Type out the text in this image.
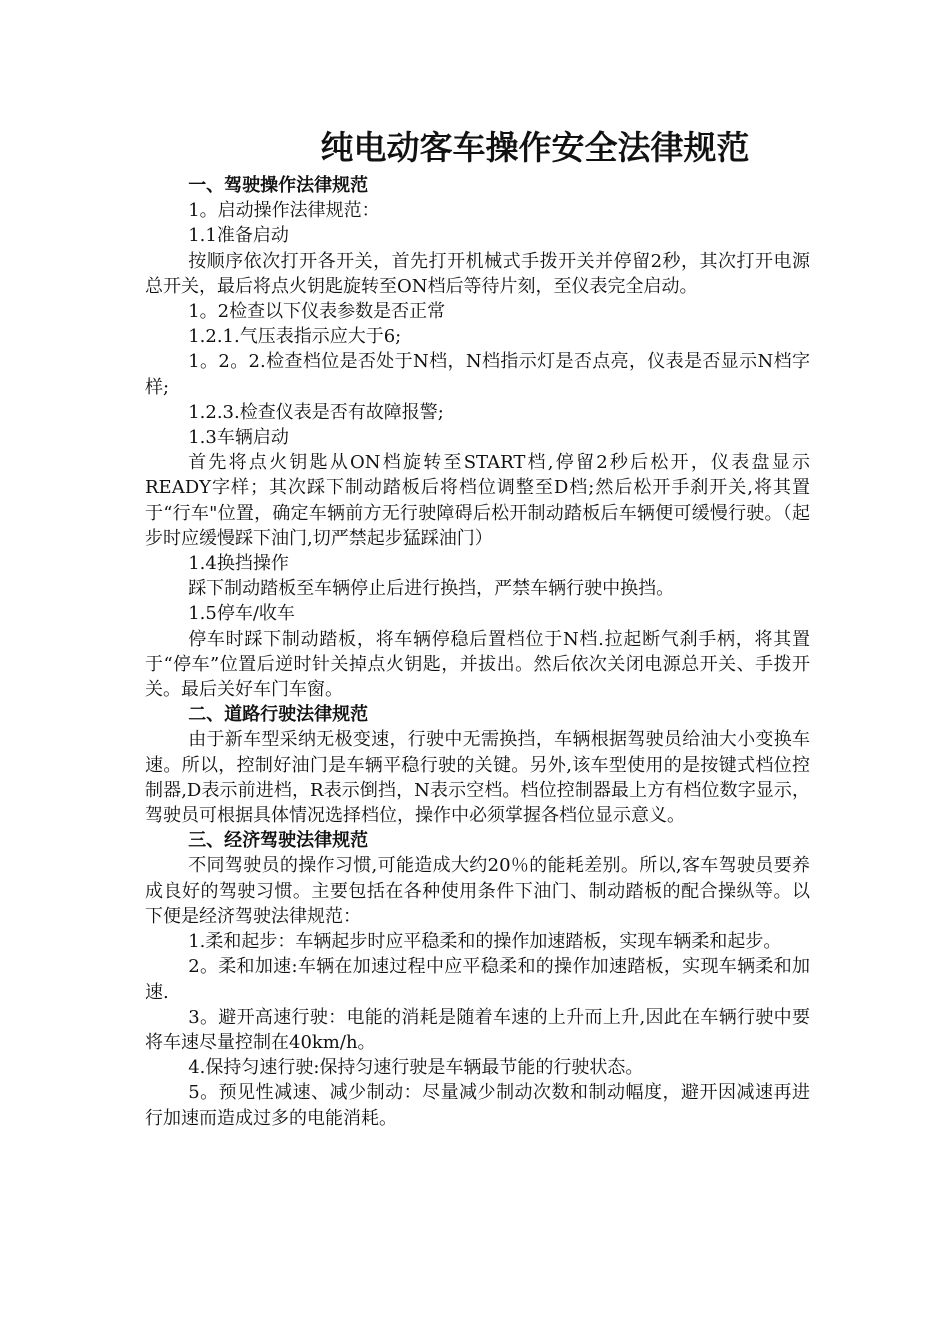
纯电动客车操作安全法律规范

一、驾驶操作法律规范

1。启动操作法律规范：

1.1准备启动

按顺序依次打开各开关，首先打开机械式手拨开关并停留2秒，其次打开电源总开关，最后将点火钥匙旋转至ON档后等待片刻，至仪表完全启动。

1。2检查以下仪表参数是否正常

1.2.1.气压表指示应大于6;

1。2。2.检查档位是否处于N档，N档指示灯是否点亮，仪表是否显示N档字样;

1.2.3.检查仪表是否有故障报警;

1.3车辆启动

首先将点火钥匙从ON档旋转至START档,停留2秒后松开，仪表盘显示READY字样；其次踩下制动踏板后将档位调整至D档;然后松开手刹开关,将其置于“行车"位置，确定车辆前方无行驶障碍后松开制动踏板后车辆便可缓慢行驶。（起步时应缓慢踩下油门,切严禁起步猛踩油门）

1.4换挡操作

踩下制动踏板至车辆停止后进行换挡，严禁车辆行驶中换挡。

1.5停车/收车

停车时踩下制动踏板，将车辆停稳后置档位于N档.拉起断气刹手柄，将其置于“停车”位置后逆时针关掉点火钥匙，并拔出。然后依次关闭电源总开关、手拨开关。最后关好车门车窗。

二、道路行驶法律规范

由于新车型采纳无极变速，行驶中无需换挡，车辆根据驾驶员给油大小变换车速。所以，控制好油门是车辆平稳行驶的关键。另外,该车型使用的是按键式档位控制器,D表示前进档，R表示倒挡，N表示空档。档位控制器最上方有档位数字显示，驾驶员可根据具体情况选择档位，操作中必须掌握各档位显示意义。

三、经济驾驶法律规范

不同驾驶员的操作习惯,可能造成大约20％的能耗差别。所以,客车驾驶员要养成良好的驾驶习惯。主要包括在各种使用条件下油门、制动踏板的配合操纵等。以下便是经济驾驶法律规范：

1.柔和起步：车辆起步时应平稳柔和的操作加速踏板，实现车辆柔和起步。

2。柔和加速:车辆在加速过程中应平稳柔和的操作加速踏板，实现车辆柔和加速.

3。避开高速行驶：电能的消耗是随着车速的上升而上升,因此在车辆行驶中要将车速尽量控制在40km/h。

4.保持匀速行驶:保持匀速行驶是车辆最节能的行驶状态。

5。预见性减速、减少制动：尽量减少制动次数和制动幅度，避开因减速再进行加速而造成过多的电能消耗。
